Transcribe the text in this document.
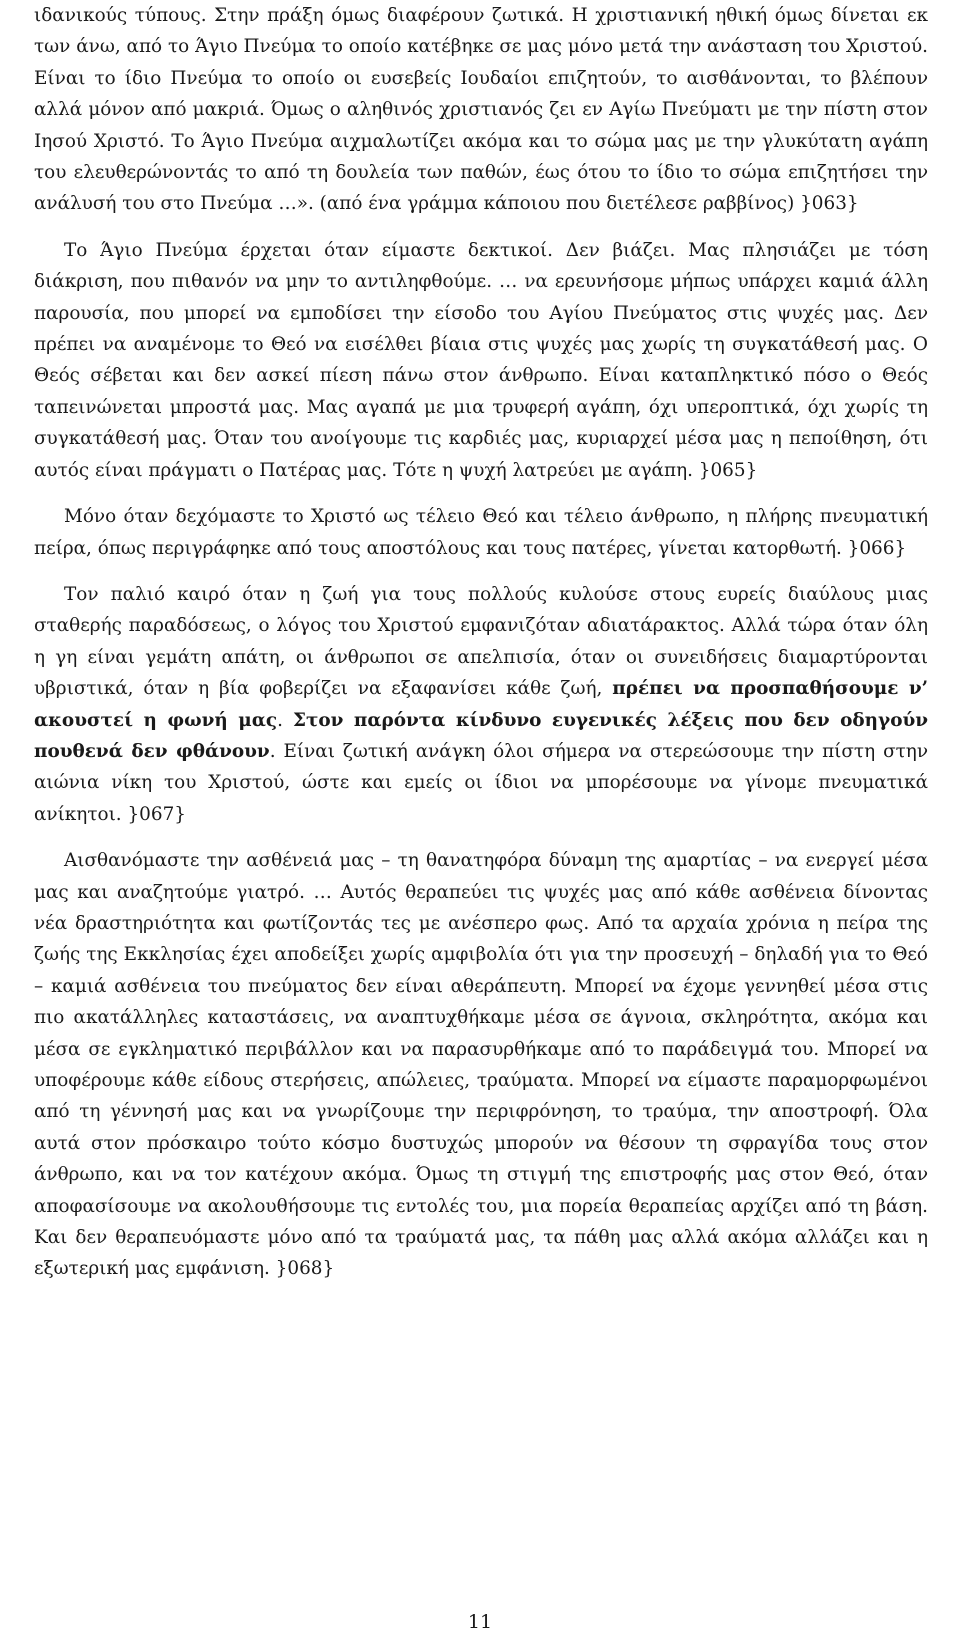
ιδανικούς τύπους. Στην πράξη όμως διαφέρουν ζωτικά. Η χριστιανική ηθική όμως δίνεται εκ των άνω, από το Άγιο Πνεύμα το οποίο κατέβηκε σε μας μόνο μετά την ανάσταση του Χριστού. Είναι το ίδιο Πνεύμα το οποίο οι ευσεβείς Ιουδαίοι επιζητούν, το αισθάνονται, το βλέπουν αλλά μόνον από μακριά. Όμως ο αληθινός χριστιανός ζει εν Αγίω Πνεύματι με την πίστη στον Ιησού Χριστό. Το Άγιο Πνεύμα αιχμαλωτίζει ακόμα και το σώμα μας με την γλυκύτατη αγάπη του ελευθερώνοντάς το από τη δουλεία των παθών, έως ότου το ίδιο το σώμα επιζητήσει την ανάλυσή του στο Πνεύμα …». (από ένα γράμμα κάποιου που διετέλεσε ραββίνος) }063}

Το Άγιο Πνεύμα έρχεται όταν είμαστε δεκτικοί. Δεν βιάζει. Μας πλησιάζει με τόση διάκριση, που πιθανόν να μην το αντιληφθούμε. … να ερευνήσομε μήπως υπάρχει καμιά άλλη παρουσία, που μπορεί να εμποδίσει την είσοδο του Αγίου Πνεύματος στις ψυχές μας. Δεν πρέπει να αναμένομε το Θεό να εισέλθει βίαια στις ψυχές μας χωρίς τη συγκατάθεσή μας. Ο Θεός σέβεται και δεν ασκεί πίεση πάνω στον άνθρωπο. Είναι καταπληκτικό πόσο ο Θεός ταπεινώνεται μπροστά μας. Μας αγαπά με μια τρυφερή αγάπη, όχι υπεροπτικά, όχι χωρίς τη συγκατάθεσή μας. Όταν του ανοίγουμε τις καρδιές μας, κυριαρχεί μέσα μας η πεποίθηση, ότι αυτός είναι πράγματι ο Πατέρας μας. Τότε η ψυχή λατρεύει με αγάπη. }065}

Μόνο όταν δεχόμαστε το Χριστό ως τέλειο Θεό και τέλειο άνθρωπο, η πλήρης πνευματική πείρα, όπως περιγράφηκε από τους αποστόλους και τους πατέρες, γίνεται κατορθωτή. }066}

Τον παλιό καιρό όταν η ζωή για τους πολλούς κυλούσε στους ευρείς διαύλους μιας σταθερής παραδόσεως, ο λόγος του Χριστού εμφανιζόταν αδιατάρακτος. Αλλά τώρα όταν όλη η γη είναι γεμάτη απάτη, οι άνθρωποι σε απελπισία, όταν οι συνειδήσεις διαμαρτύρονται υβριστικά, όταν η βία φοβερίζει να εξαφανίσει κάθε ζωή, πρέπει να προσπαθήσουμε ν’ ακουστεί η φωνή μας. Στον παρόντα κίνδυνο ευγενικές λέξεις που δεν οδηγούν πουθενά δεν φθάνουν. Είναι ζωτική ανάγκη όλοι σήμερα να στερεώσουμε την πίστη στην αιώνια νίκη του Χριστού, ώστε και εμείς οι ίδιοι να μπορέσουμε να γίνομε πνευματικά ανίκητοι. }067}

Αισθανόμαστε την ασθένειά μας – τη θανατηφόρα δύναμη της αμαρτίας – να ενεργεί μέσα μας και αναζητούμε γιατρό. … Αυτός θεραπεύει τις ψυχές μας από κάθε ασθένεια δίνοντας νέα δραστηριότητα και φωτίζοντάς τες με ανέσπερο φως. Από τα αρχαία χρόνια η πείρα της ζωής της Εκκλησίας έχει αποδείξει χωρίς αμφιβολία ότι για την προσευχή – δηλαδή για το Θεό – καμιά ασθένεια του πνεύματος δεν είναι αθεράπευτη. Μπορεί να έχομε γεννηθεί μέσα στις πιο ακατάλληλες καταστάσεις, να αναπτυχθήκαμε μέσα σε άγνοια, σκληρότητα, ακόμα και μέσα σε εγκληματικό περιβάλλον και να παρασυρθήκαμε από το παράδειγμά του. Μπορεί να υποφέρουμε κάθε είδους στερήσεις, απώλειες, τραύματα. Μπορεί να είμαστε παραμορφωμένοι από τη γέννησή μας και να γνωρίζουμε την περιφρόνηση, το τραύμα, την αποστροφή. Όλα αυτά στον πρόσκαιρο τούτο κόσμο δυστυχώς μπορούν να θέσουν τη σφραγίδα τους στον άνθρωπο, και να τον κατέχουν ακόμα. Όμως τη στιγμή της επιστροφής μας στον Θεό, όταν αποφασίσουμε να ακολουθήσουμε τις εντολές του, μια πορεία θεραπείας αρχίζει από τη βάση. Και δεν θεραπευόμαστε μόνο από τα τραύματά μας, τα πάθη μας αλλά ακόμα αλλάζει και η εξωτερική μας εμφάνιση. }068}

11
